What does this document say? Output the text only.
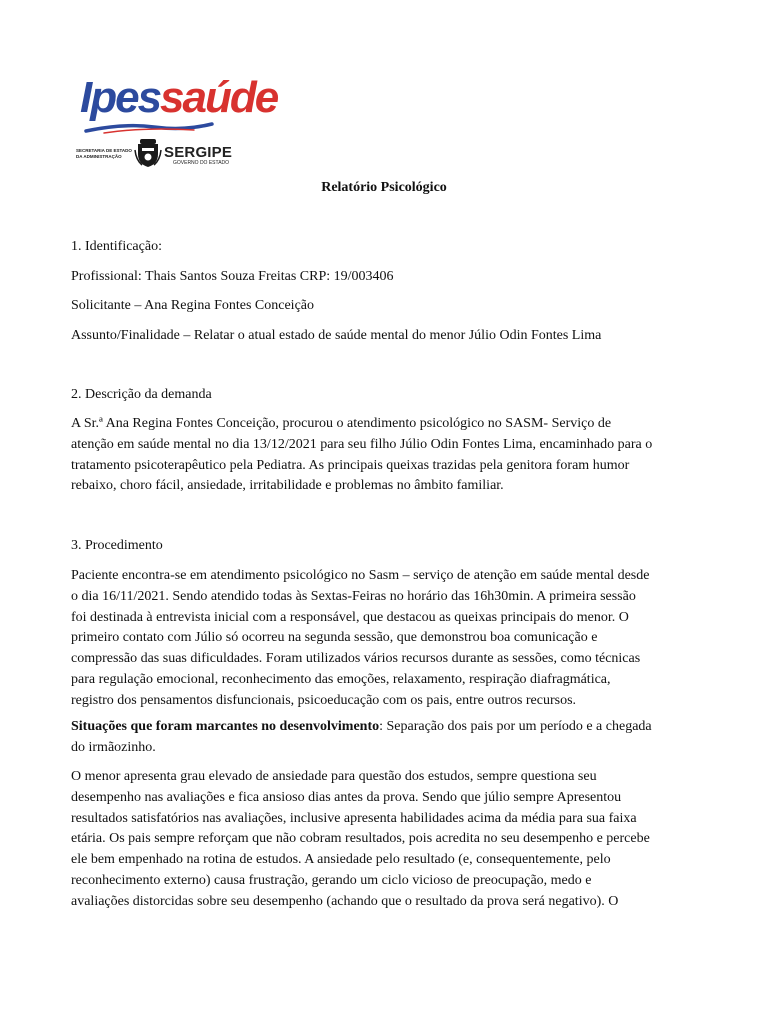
Ipessaúde
SECRETARIA DE ESTADO
DA ADMINISTRAÇÃO	SERGIPE
GOVERNO DO ESTADO
Relatório Psicológico
1. Identificação:
Profissional: Thais Santos Souza Freitas CRP: 19/003406
Solicitante – Ana Regina Fontes Conceição
Assunto/Finalidade – Relatar o atual estado de saúde mental do menor Júlio Odin Fontes Lima
2. Descrição da demanda
A Sr.ª Ana Regina Fontes Conceição, procurou o atendimento psicológico no SASM- Serviço de
atenção em saúde mental no dia 13/12/2021 para seu filho Júlio Odin Fontes Lima, encaminhado para o
tratamento psicoterapêutico pela Pediatra. As principais queixas trazidas pela genitora foram humor
rebaixo, choro fácil, ansiedade, irritabilidade e problemas no âmbito familiar.
3. Procedimento
Paciente encontra-se em atendimento psicológico no Sasm – serviço de atenção em saúde mental desde
o dia 16/11/2021. Sendo atendido todas às Sextas-Feiras no horário das 16h30min. A primeira sessão
foi destinada à entrevista inicial com a responsável, que destacou as queixas principais do menor. O
primeiro contato com Júlio só ocorreu na segunda sessão, que demonstrou boa comunicação e
compressão das suas dificuldades. Foram utilizados vários recursos durante as sessões, como técnicas
para regulação emocional, reconhecimento das emoções, relaxamento, respiração diafragmática,
registro dos pensamentos disfuncionais, psicoeducação com os pais, entre outros recursos.
Situações que foram marcantes no desenvolvimento: Separação dos pais por um período e a chegada
do irmãozinho.
O menor apresenta grau elevado de ansiedade para questão dos estudos, sempre questiona seu
desempenho nas avaliações e fica ansioso dias antes da prova. Sendo que júlio sempre Apresentou
resultados satisfatórios nas avaliações, inclusive apresenta habilidades acima da média para sua faixa
etária. Os pais sempre reforçam que não cobram resultados, pois acredita no seu desempenho e percebe
ele bem empenhado na rotina de estudos. A ansiedade pelo resultado (e, consequentemente, pelo
reconhecimento externo) causa frustração, gerando um ciclo vicioso de preocupação, medo e
avaliações distorcidas sobre seu desempenho (achando que o resultado da prova será negativo). O
